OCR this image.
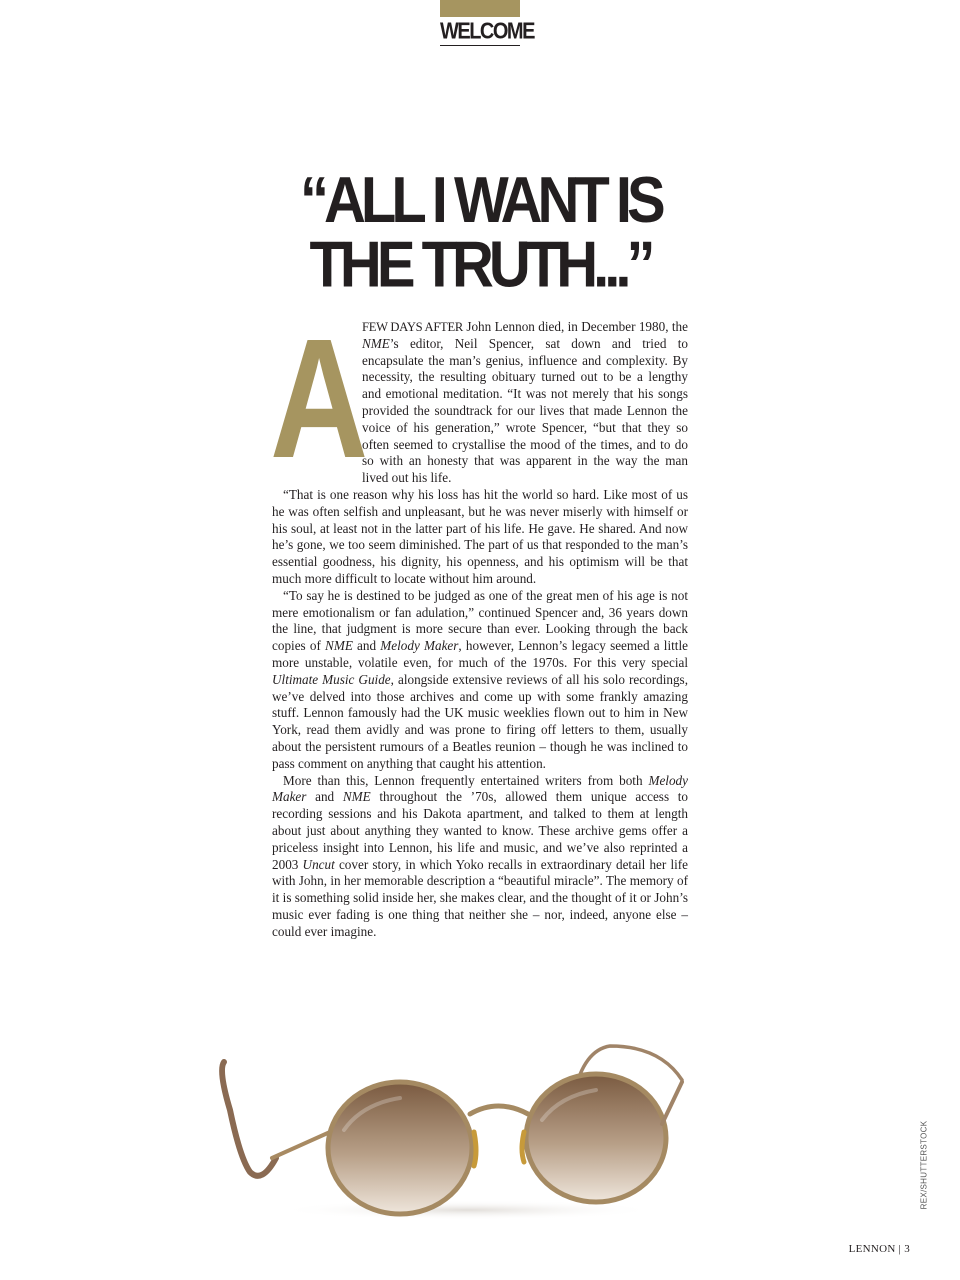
WELCOME
“ALL I WANT IS
THE TRUTH...”
A

FEW DAYS AFTER John Lennon died, in December 1980, the NME’s editor, Neil Spencer, sat down and tried to encapsulate the man’s genius, influence and complexity. By necessity, the resulting obituary turned out to be a lengthy and emotional meditation. “It was not merely that his songs provided the soundtrack for our lives that made Lennon the voice of his generation,” wrote Spencer, “but that they so often seemed to crystallise the mood of the times, and to do so with an honesty that was apparent in the way the man lived out his life.

“That is one reason why his loss has hit the world so hard. Like most of us he was often selfish and unpleasant, but he was never miserly with himself or his soul, at least not in the latter part of his life. He gave. He shared. And now he’s gone, we too seem diminished. The part of us that responded to the man’s essential goodness, his dignity, his openness, and his optimism will be that much more difficult to locate without him around.

“To say he is destined to be judged as one of the great men of his age is not mere emotionalism or fan adulation,” continued Spencer and, 36 years down the line, that judgment is more secure than ever. Looking through the back copies of NME and Melody Maker, however, Lennon’s legacy seemed a little more unstable, volatile even, for much of the 1970s. For this very special Ultimate Music Guide, alongside extensive reviews of all his solo recordings, we’ve delved into those archives and come up with some frankly amazing stuff. Lennon famously had the UK music weeklies flown out to him in New York, read them avidly and was prone to firing off letters to them, usually about the persistent rumours of a Beatles reunion – though he was inclined to pass comment on anything that caught his attention.

More than this, Lennon frequently entertained writers from both Melody Maker and NME throughout the ’70s, allowed them unique access to recording sessions and his Dakota apartment, and talked to them at length about just about anything they wanted to know. These archive gems offer a priceless insight into Lennon, his life and music, and we’ve also reprinted a 2003 Uncut cover story, in which Yoko recalls in extraordinary detail her life with John, in her memorable description a “beautiful miracle”. The memory of it is something solid inside her, she makes clear, and the thought of it or John’s music ever fading is one thing that neither she – nor, indeed, anyone else – could ever imagine.

REX/SHUTTERSTOCK
LENNON | 3
